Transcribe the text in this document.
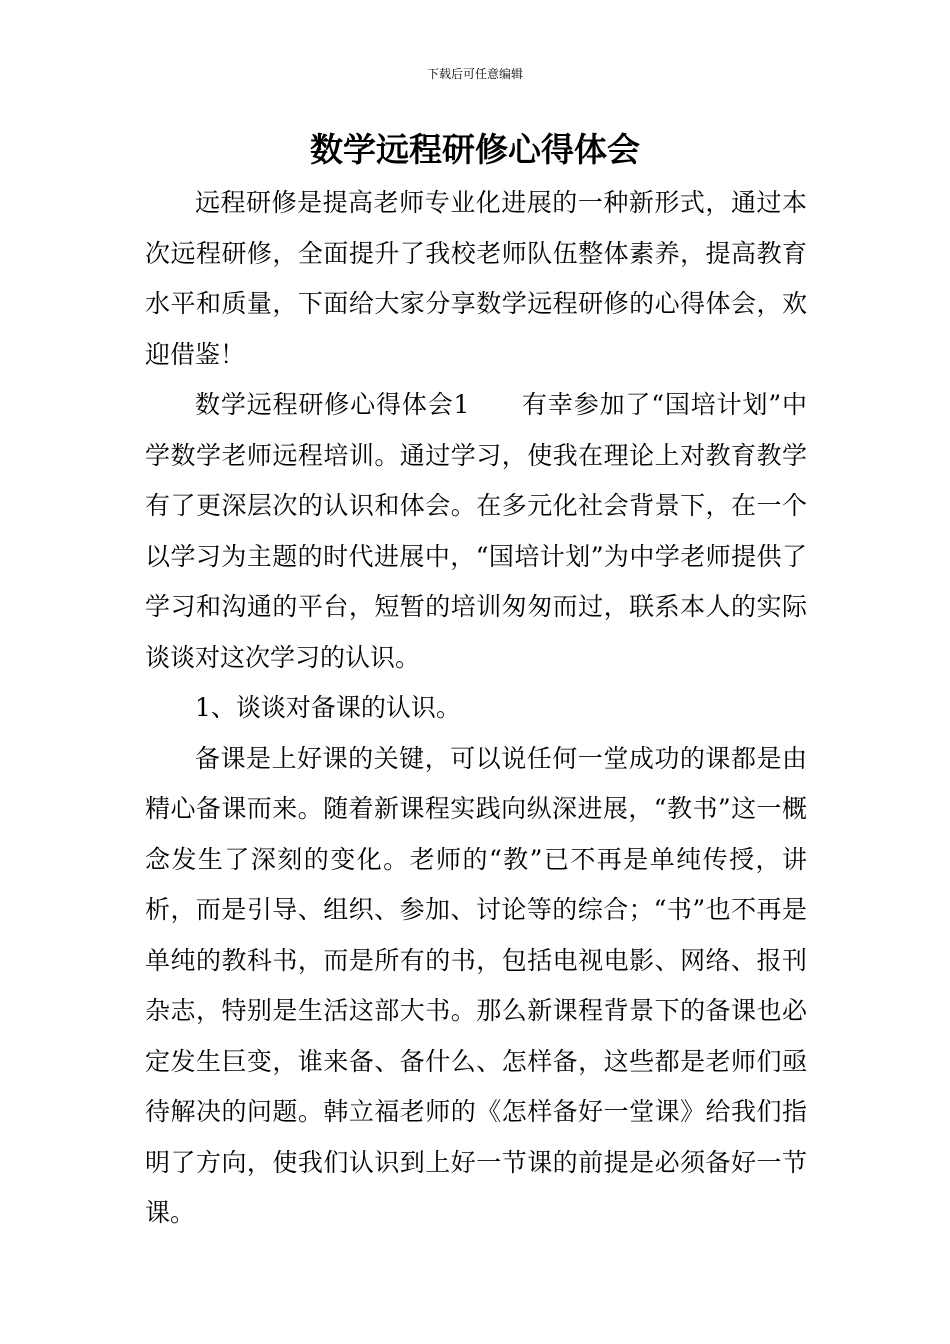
下载后可任意编辑
数学远程研修心得体会

远程研修是提高老师专业化进展的一种新形式，通过本次远程研修，全面提升了我校老师队伍整体素养，提高教育水平和质量，下面给大家分享数学远程研修的心得体会，欢迎借鉴！

数学远程研修心得体会1　　有幸参加了“国培计划”中学数学老师远程培训。通过学习，使我在理论上对教育教学有了更深层次的认识和体会。在多元化社会背景下，在一个以学习为主题的时代进展中，“国培计划”为中学老师提供了学习和沟通的平台，短暂的培训匆匆而过，联系本人的实际谈谈对这次学习的认识。

1、谈谈对备课的认识。

备课是上好课的关键，可以说任何一堂成功的课都是由精心备课而来。随着新课程实践向纵深进展，“教书”这一概念发生了深刻的变化。老师的“教”已不再是单纯传授，讲析，而是引导、组织、参加、讨论等的综合；“书”也不再是单纯的教科书，而是所有的书，包括电视电影、网络、报刊杂志，特别是生活这部大书。那么新课程背景下的备课也必定发生巨变，谁来备、备什么、怎样备，这些都是老师们亟待解决的问题。韩立福老师的《怎样备好一堂课》给我们指明了方向，使我们认识到上好一节课的前提是必须备好一节课。
